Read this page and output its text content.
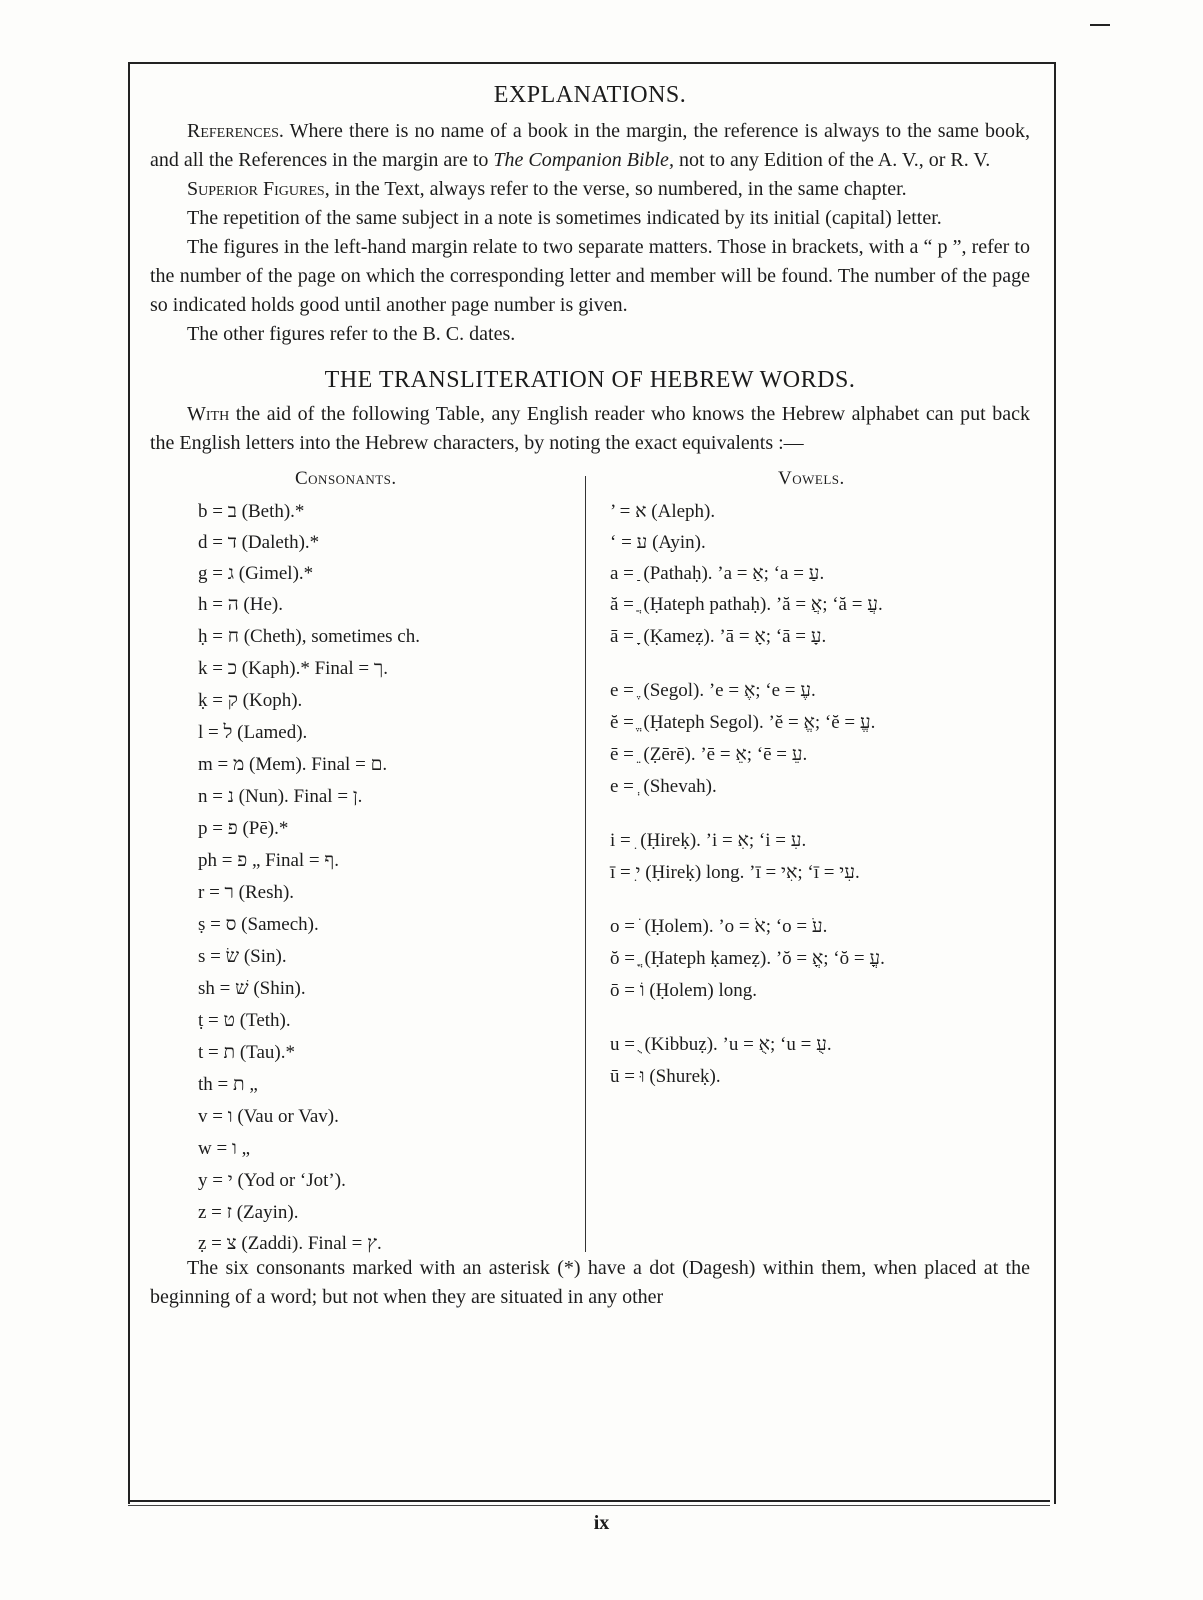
EXPLANATIONS.

References. Where there is no name of a book in the margin, the reference is always to the same book, and all the References in the margin are to The Companion Bible, not to any Edition of the A. V., or R. V.

Superior Figures, in the Text, always refer to the verse, so numbered, in the same chapter.

The repetition of the same subject in a note is sometimes indicated by its initial (capital) letter.

The figures in the left-hand margin relate to two separate matters. Those in brackets, with a “ p ”, refer to the number of the page on which the corresponding letter and member will be found. The number of the page so indicated holds good until another page number is given.

The other figures refer to the B. C. dates.

THE TRANSLITERATION OF HEBREW WORDS.

With the aid of the following Table, any English reader who knows the Hebrew alphabet can put back the English letters into the Hebrew characters, by noting the exact equivalents :—

Consonants.	Vowels.
b = ב (Beth).*
d = ד (Daleth).*
g = ג (Gimel).*
h = ה (He).
ḥ = ח (Cheth), sometimes ch.
k = כ (Kaph).* Final = ך.
ḳ = ק (Koph).
l = ל (Lamed).
m = מ (Mem). Final = ם.
n = נ (Nun). Final = ן.
p = פ (Pē).*
ph = פ „ Final = ף.
r = ר (Resh).
ṣ = ס (Samech).
s = שׂ (Sin).
sh = שׁ (Shin).
ṭ = ט (Teth).
t = ת (Tau).*
th = ת „
v = ו (Vau or Vav).
w = ו „
y = י (Yod or ‘Jot’).
z = ז (Zayin).
ẓ = צ (Zaddi). Final = ץ.
’ = א (Aleph).
‘ = ע (Ayin).
a = ַ (Pathaḥ). ’a = אַ; ‘a = עַ.
ă = ֲ (Ḥateph pathaḥ). ’ă = אֲ; ‘ă = עֲ.
ā = ָ (Ḳameẓ). ’ā = אָ; ‘ā = עָ.
e = ֶ (Segol). ’e = אֶ; ‘e = עֶ.
ĕ = ֱ (Ḥateph Segol). ’ĕ = אֱ; ‘ĕ = עֱ.
ē = ֵ (Ẓērē). ’ē = אֵ; ‘ē = עֵ.
e = ְ (Shevah).
i = ִ (Ḥireḳ). ’i = אִ; ‘i = עִ.
ī = ִי (Ḥireḳ) long. ’ī = אִי; ‘ī = עִי.
o = ֹ (Ḥolem). ’o = אֹ; ‘o = עֹ.
ŏ = ֳ (Ḥateph ḳameẓ). ’ŏ = אֳ; ‘ŏ = עֳ.
ō = וֹ (Ḥolem) long.
u = ֻ (Kibbuẓ). ’u = אֻ; ‘u = עֻ.
ū = וּ (Shureḳ).

The six consonants marked with an asterisk (*) have a dot (Dagesh) within them, when placed at the beginning of a word; but not when they are situated in any other

ix
